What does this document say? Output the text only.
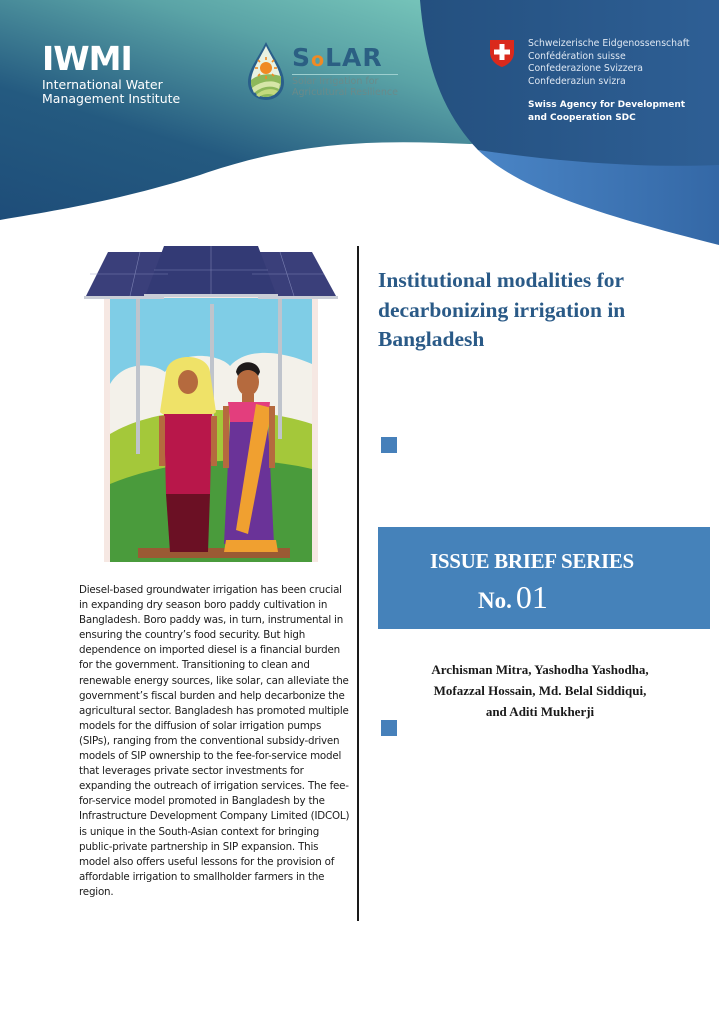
IWMI
International Water
Management Institute
SoLAR
Solar Irrigation for
Agricultural Resilience
Schweizerische Eidgenossenschaft
Confédération suisse
Confederazione Svizzera
Confederaziun svizra
Swiss Agency for Development
and Cooperation SDC
Institutional modalities for
decarbonizing irrigation in
Bangladesh
ISSUE BRIEF SERIES
No. 01
Archisman Mitra, Yashodha Yashodha,
Mofazzal Hossain, Md. Belal Siddiqui,
and Aditi Mukherji
Diesel-based groundwater irrigation has been crucial in expanding dry season boro paddy cultivation in Bangladesh. Boro paddy was, in turn, instrumental in ensuring the country’s food security. But high dependence on imported diesel is a financial burden for the government. Transitioning to clean and renewable energy sources, like solar, can alleviate the government’s fiscal burden and help decarbonize the agricultural sector. Bangladesh has promoted multiple models for the diffusion of solar irrigation pumps (SIPs), ranging from the conventional subsidy-driven models of SIP ownership to the fee-for-service model that leverages private sector investments for expanding the outreach of irrigation services. The fee-for-service model promoted in Bangladesh by the Infrastructure Development Company Limited (IDCOL) is unique in the South-Asian context for bringing public-private partnership in SIP expansion. This model also offers useful lessons for the provision of affordable irrigation to smallholder farmers in the region.
